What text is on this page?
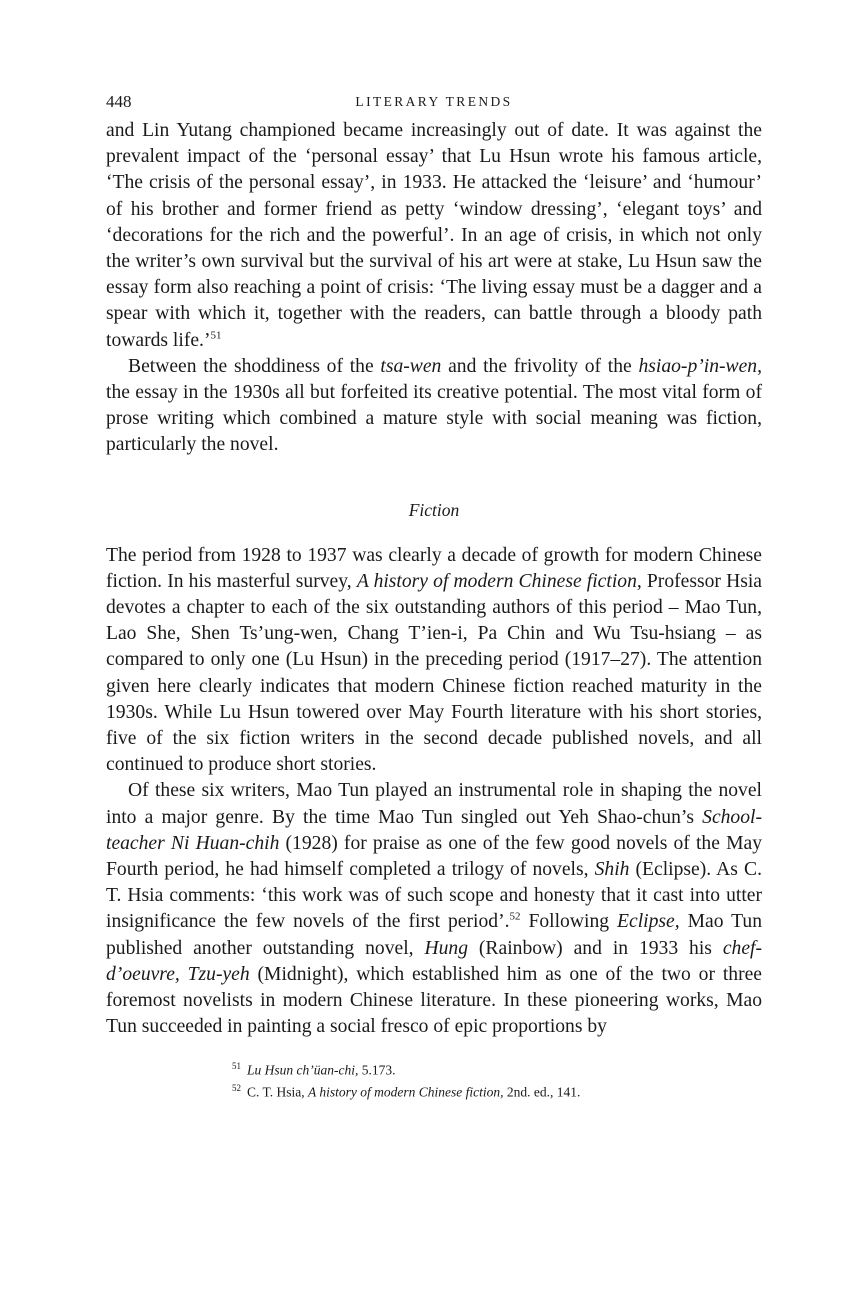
448	LITERARY TRENDS

and Lin Yutang championed became increasingly out of date. It was against the prevalent impact of the ‘personal essay’ that Lu Hsun wrote his famous article, ‘The crisis of the personal essay’, in 1933. He attacked the ‘leisure’ and ‘humour’ of his brother and former friend as petty ‘window dressing’, ‘elegant toys’ and ‘decorations for the rich and the powerful’. In an age of crisis, in which not only the writer’s own survival but the survival of his art were at stake, Lu Hsun saw the essay form also reaching a point of crisis: ‘The living essay must be a dagger and a spear with which it, together with the readers, can battle through a bloody path towards life.’$^{51}$

Between the shoddiness of the tsa-wen and the frivolity of the hsiao-p’in-wen, the essay in the 1930s all but forfeited its creative potential. The most vital form of prose writing which combined a mature style with social meaning was fiction, particularly the novel.

Fiction

The period from 1928 to 1937 was clearly a decade of growth for modern Chinese fiction. In his masterful survey, A history of modern Chinese fiction, Professor Hsia devotes a chapter to each of the six outstanding authors of this period – Mao Tun, Lao She, Shen Ts’ung-wen, Chang T’ien-i, Pa Chin and Wu Tsu-hsiang – as compared to only one (Lu Hsun) in the preceding period (1917–27). The attention given here clearly indicates that modern Chinese fiction reached maturity in the 1930s. While Lu Hsun towered over May Fourth literature with his short stories, five of the six fiction writers in the second decade published novels, and all continued to produce short stories.

Of these six writers, Mao Tun played an instrumental role in shaping the novel into a major genre. By the time Mao Tun singled out Yeh Shao-chun’s School-teacher Ni Huan-chih (1928) for praise as one of the few good novels of the May Fourth period, he had himself completed a trilogy of novels, Shih (Eclipse). As C. T. Hsia comments: ‘this work was of such scope and honesty that it cast into utter insignificance the few novels of the first period’.$^{52}$ Following Eclipse, Mao Tun published another outstanding novel, Hung (Rainbow) and in 1933 his chef-d’oeuvre, Tzu-yeh (Midnight), which established him as one of the two or three foremost novelists in modern Chinese literature. In these pioneering works, Mao Tun succeeded in painting a social fresco of epic proportions by

$^{51}$ Lu Hsun ch’üan-chi, 5.173.
$^{52}$ C. T. Hsia, A history of modern Chinese fiction, 2nd. ed., 141.
